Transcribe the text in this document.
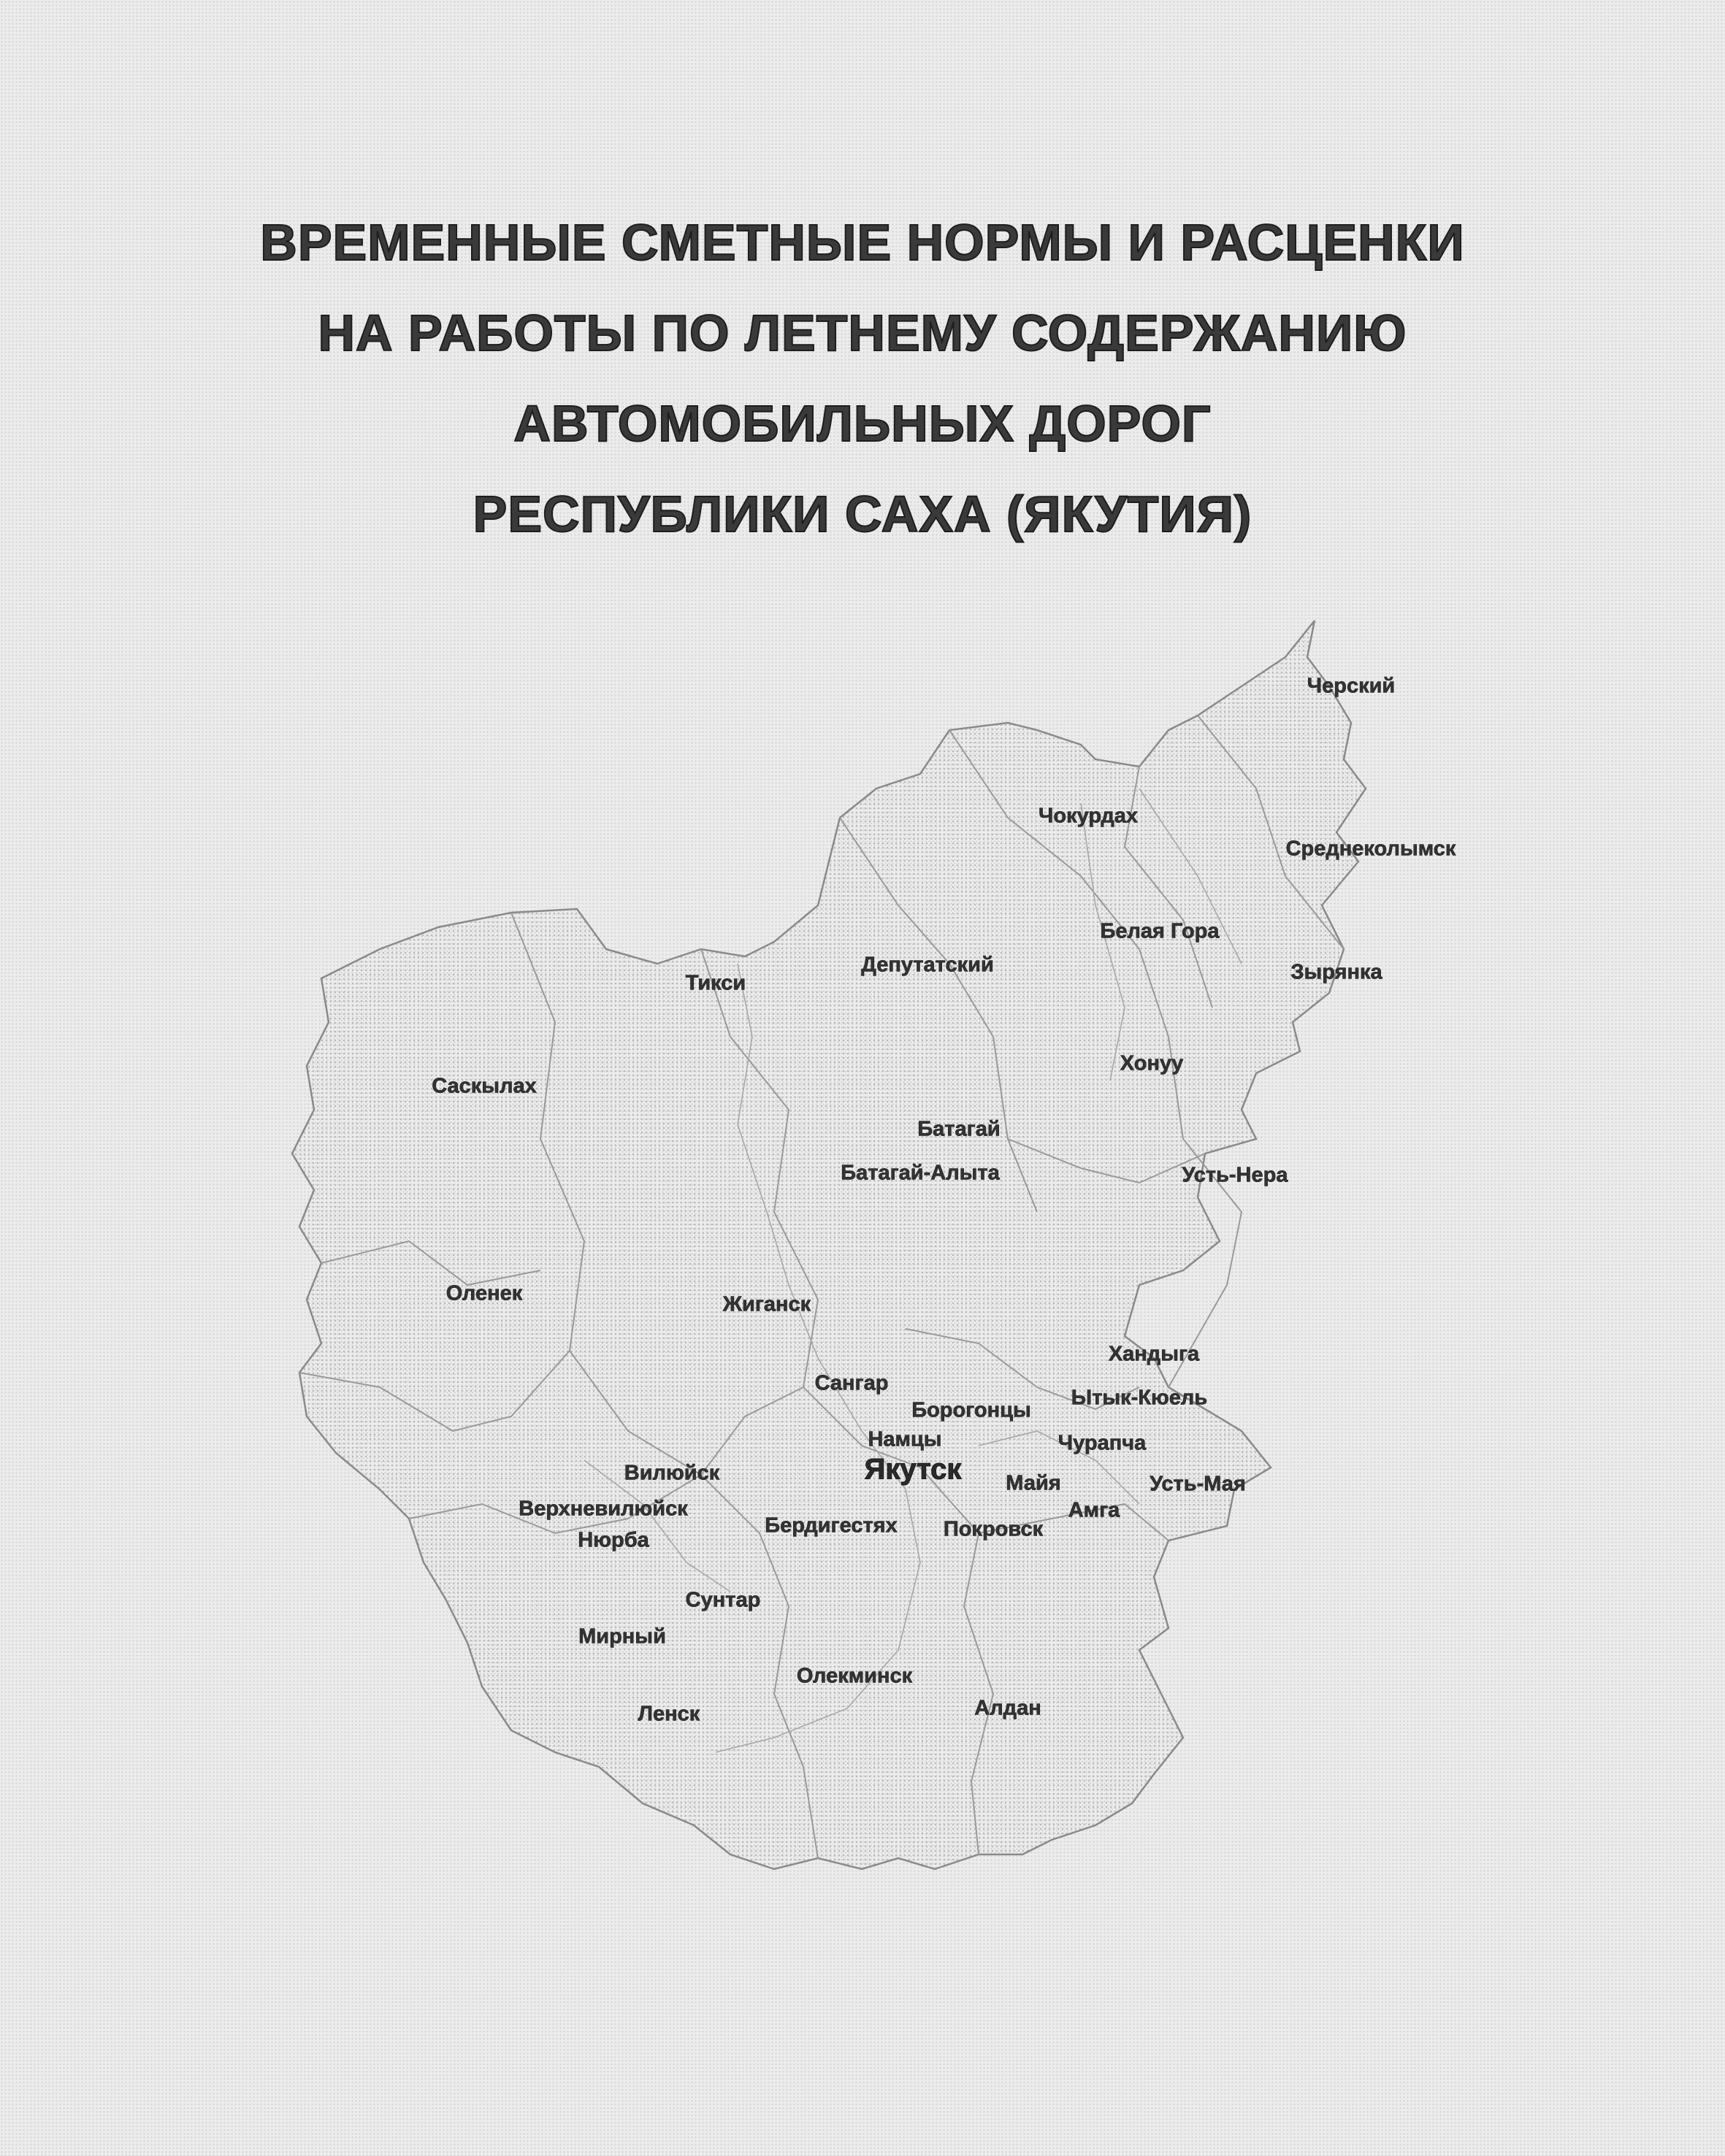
ВРЕМЕННЫЕ СМЕТНЫЕ НОРМЫ И РАСЦЕНКИ
НА РАБОТЫ ПО ЛЕТНЕМУ СОДЕРЖАНИЮ
АВТОМОБИЛЬНЫХ ДОРОГ
РЕСПУБЛИКИ САХА (ЯКУТИЯ)
Черский
Чокурдах
Среднеколымск
Белая Гора
Депутатский	Зырянка
Тикси
Хонуу
Саскылах
Батагай
Батагай-Алыта	Усть-Нера
Оленек	Жиганск
Хандыга
Сангар
Ытык-Кюель
Борогонцы
Чурапча
Намцы
Вилюйск	Якутск Майя	Усть-Мая
Верхневилюйск	Амга
Бердигестях Покровск
Нюрба
Сунтар
Мирный
Олекминск
Алдан
Ленск
